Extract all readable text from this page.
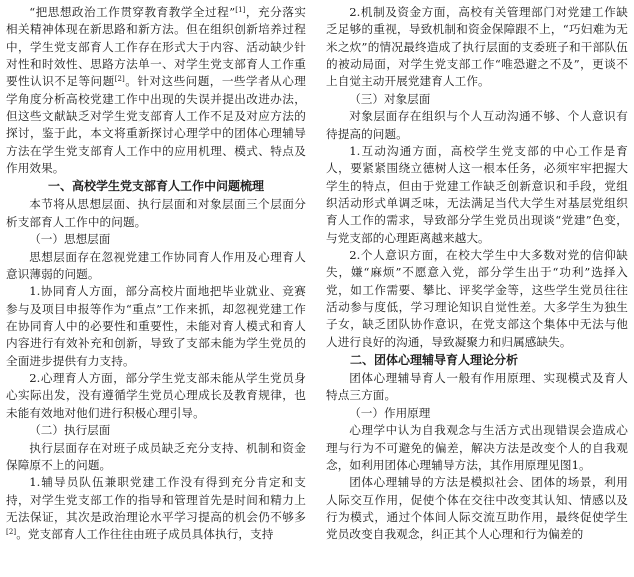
“把思想政治工作贯穿教育教学全过程”[1]，充分落实相关精神体现在新思路和新方法。但在组织创新培养过程中，学生党支部育人工作存在形式大于内容、活动缺少针对性和时效性、思路方法单一、对学生党支部育人工作重要性认识不足等问题[2]。针对这些问题，一些学者从心理学角度分析高校党建工作中出现的失误并提出改进办法，但这些文献缺乏对学生党支部育人工作不足及对应方法的探讨，鉴于此，本文将重新探讨心理学中的团体心理辅导方法在学生党支部育人工作中的应用机理、模式、特点及作用效果。

一、高校学生党支部育人工作中问题梳理

本节将从思想层面、执行层面和对象层面三个层面分析支部育人工作中的问题。

（一）思想层面

思想层面存在忽视党建工作协同育人作用及心理育人意识薄弱的问题。

1.协同育人方面，部分高校片面地把毕业就业、竞赛参与及项目申报等作为“重点”工作来抓，却忽视党建工作在协同育人中的必要性和重要性，未能对育人模式和育人内容进行有效补充和创新，导致了支部未能为学生党员的全面进步提供有力支持。

2.心理育人方面，部分学生党支部未能从学生党员身心实际出发，没有遵循学生党员心理成长及教育规律，也未能有效地对他们进行积极心理引导。

（二）执行层面

执行层面存在对班子成员缺乏充分支持、机制和资金保障原不上的问题。

1.辅导员队伍兼职党建工作没有得到充分肯定和支持，对学生党支部工作的指导和管理首先是时间和精力上无法保证，其次是政治理论水平学习提高的机会仍不够多[2]。党支部育人工作往往由班子成员具体执行，支持

2.机制及资金方面，高校有关管理部门对党建工作缺乏足够的重视，导致机制和资金保障跟不上，“巧妇难为无米之炊”的情况最终造成了执行层面的支委班子和干部队伍的被动局面，对学生党支部工作“唯恐避之不及”，更谈不上自觉主动开展党建育人工作。

（三）对象层面

对象层面存在组织与个人互动沟通不够、个人意识有待提高的问题。

1.互动沟通方面，高校学生党支部的中心工作是育人，要紧紧围绕立德树人这一根本任务，必须牢牢把握大学生的特点，但由于党建工作缺乏创新意识和手段，党组织活动形式单调乏味，无法满足当代大学生对基层党组织育人工作的需求，导致部分学生党员出现谈“党建”色变，与党支部的心理距离越来越大。

2.个人意识方面，在校大学生中大多数对党的信仰缺失，嫌“麻烦”不愿意入党，部分学生出于“功利”选择入党，如工作需要、攀比、评奖学金等，这些学生党员往往活动参与度低，学习理论知识自觉性差。大多学生为独生子女，缺乏团队协作意识，在党支部这个集体中无法与他人进行良好的沟通，导致凝聚力和归属感缺失。

二、团体心理辅导育人理论分析

团体心理辅导育人一般有作用原理、实现模式及育人特点三方面。

（一）作用原理

心理学中认为自我观念与生活方式出现错误会造成心理与行为不可避免的偏差，解决方法是改变个人的自我观念，如利用团体心理辅导方法，其作用原理见图1。

团体心理辅导的方法是模拟社会、团体的场景，利用人际交互作用，促使个体在交往中改变其认知、情感以及行为模式，通过个体间人际交流互助作用，最终促使学生党员改变自我观念，纠正其个人心理和行为偏差的
